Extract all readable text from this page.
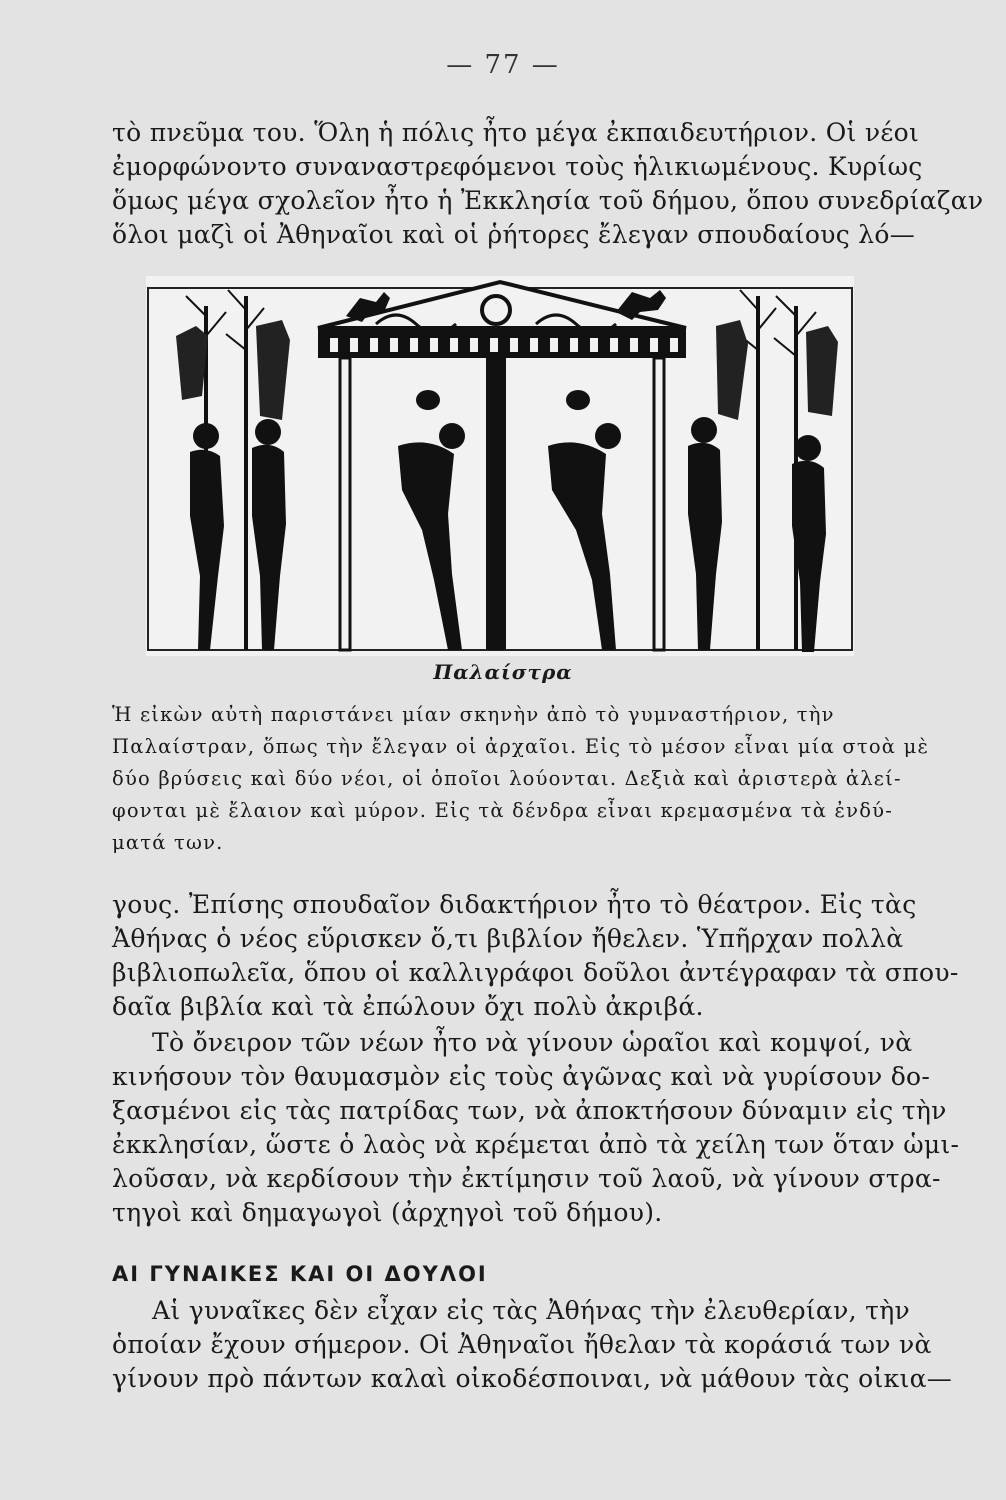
— 77 —
τὸ πνεῦμα του. Ὅλη ἡ πόλις ἦτο μέγα ἐκπαιδευτήριον. Οἱ νέοι
ἐμορφώνοντο συναναστρεφόμενοι τοὺς ἡλικιωμένους. Κυρίως
ὅμως μέγα σχολεῖον ἦτο ἡ Ἐκκλησία τοῦ δήμου, ὅπου συνεδρίαζαν
ὅλοι μαζὶ οἱ Ἀθηναῖοι καὶ οἱ ῥήτορες ἔλεγαν σπουδαίους λό—
Παλαίστρα
Ἡ εἰκὼν αὐτὴ παριστάνει μίαν σκηνὴν ἀπὸ τὸ γυμναστήριον, τὴν
Παλαίστραν, ὅπως τὴν ἔλεγαν οἱ ἀρχαῖοι. Εἰς τὸ μέσον εἶναι μία στοὰ μὲ
δύο βρύσεις καὶ δύο νέοι, οἱ ὁποῖοι λούονται. Δεξιὰ καὶ ἀριστερὰ ἀλεί-
φονται μὲ ἔλαιον καὶ μύρον. Εἰς τὰ δένδρα εἶναι κρεμασμένα τὰ ἐνδύ-
ματά των.
γους. Ἐπίσης σπουδαῖον διδακτήριον ἦτο τὸ θέατρον. Εἰς τὰς
Ἀθήνας ὁ νέος εὕρισκεν ὅ,τι βιβλίον ἤθελεν. Ὑπῆρχαν πολλὰ
βιβλιοπωλεῖα, ὅπου οἱ καλλιγράφοι δοῦλοι ἀντέγραφαν τὰ σπου-
δαῖα βιβλία καὶ τὰ ἐπώλουν ὄχι πολὺ ἀκριβά.
Τὸ ὄνειρον τῶν νέων ἦτο νὰ γίνουν ὡραῖοι καὶ κομψοί, νὰ
κινήσουν τὸν θαυμασμὸν εἰς τοὺς ἀγῶνας καὶ νὰ γυρίσουν δο-
ξασμένοι εἰς τὰς πατρίδας των, νὰ ἀποκτήσουν δύναμιν εἰς τὴν
ἐκκλησίαν, ὥστε ὁ λαὸς νὰ κρέμεται ἀπὸ τὰ χείλη των ὅταν ὡμι-
λοῦσαν, νὰ κερδίσουν τὴν ἐκτίμησιν τοῦ λαοῦ, νὰ γίνουν στρα-
τηγοὶ καὶ δημαγωγοὶ (ἀρχηγοὶ τοῦ δήμου).
ΑΙ ΓΥΝΑΙΚΕΣ ΚΑΙ ΟΙ ΔΟΥΛΟΙ
Αἱ γυναῖκες δὲν εἶχαν εἰς τὰς Ἀθήνας τὴν ἐλευθερίαν, τὴν
ὁποίαν ἔχουν σήμερον. Οἱ Ἀθηναῖοι ἤθελαν τὰ κοράσιά των νὰ
γίνουν πρὸ πάντων καλαὶ οἰκοδέσποιναι, νὰ μάθουν τὰς οἰκια—
